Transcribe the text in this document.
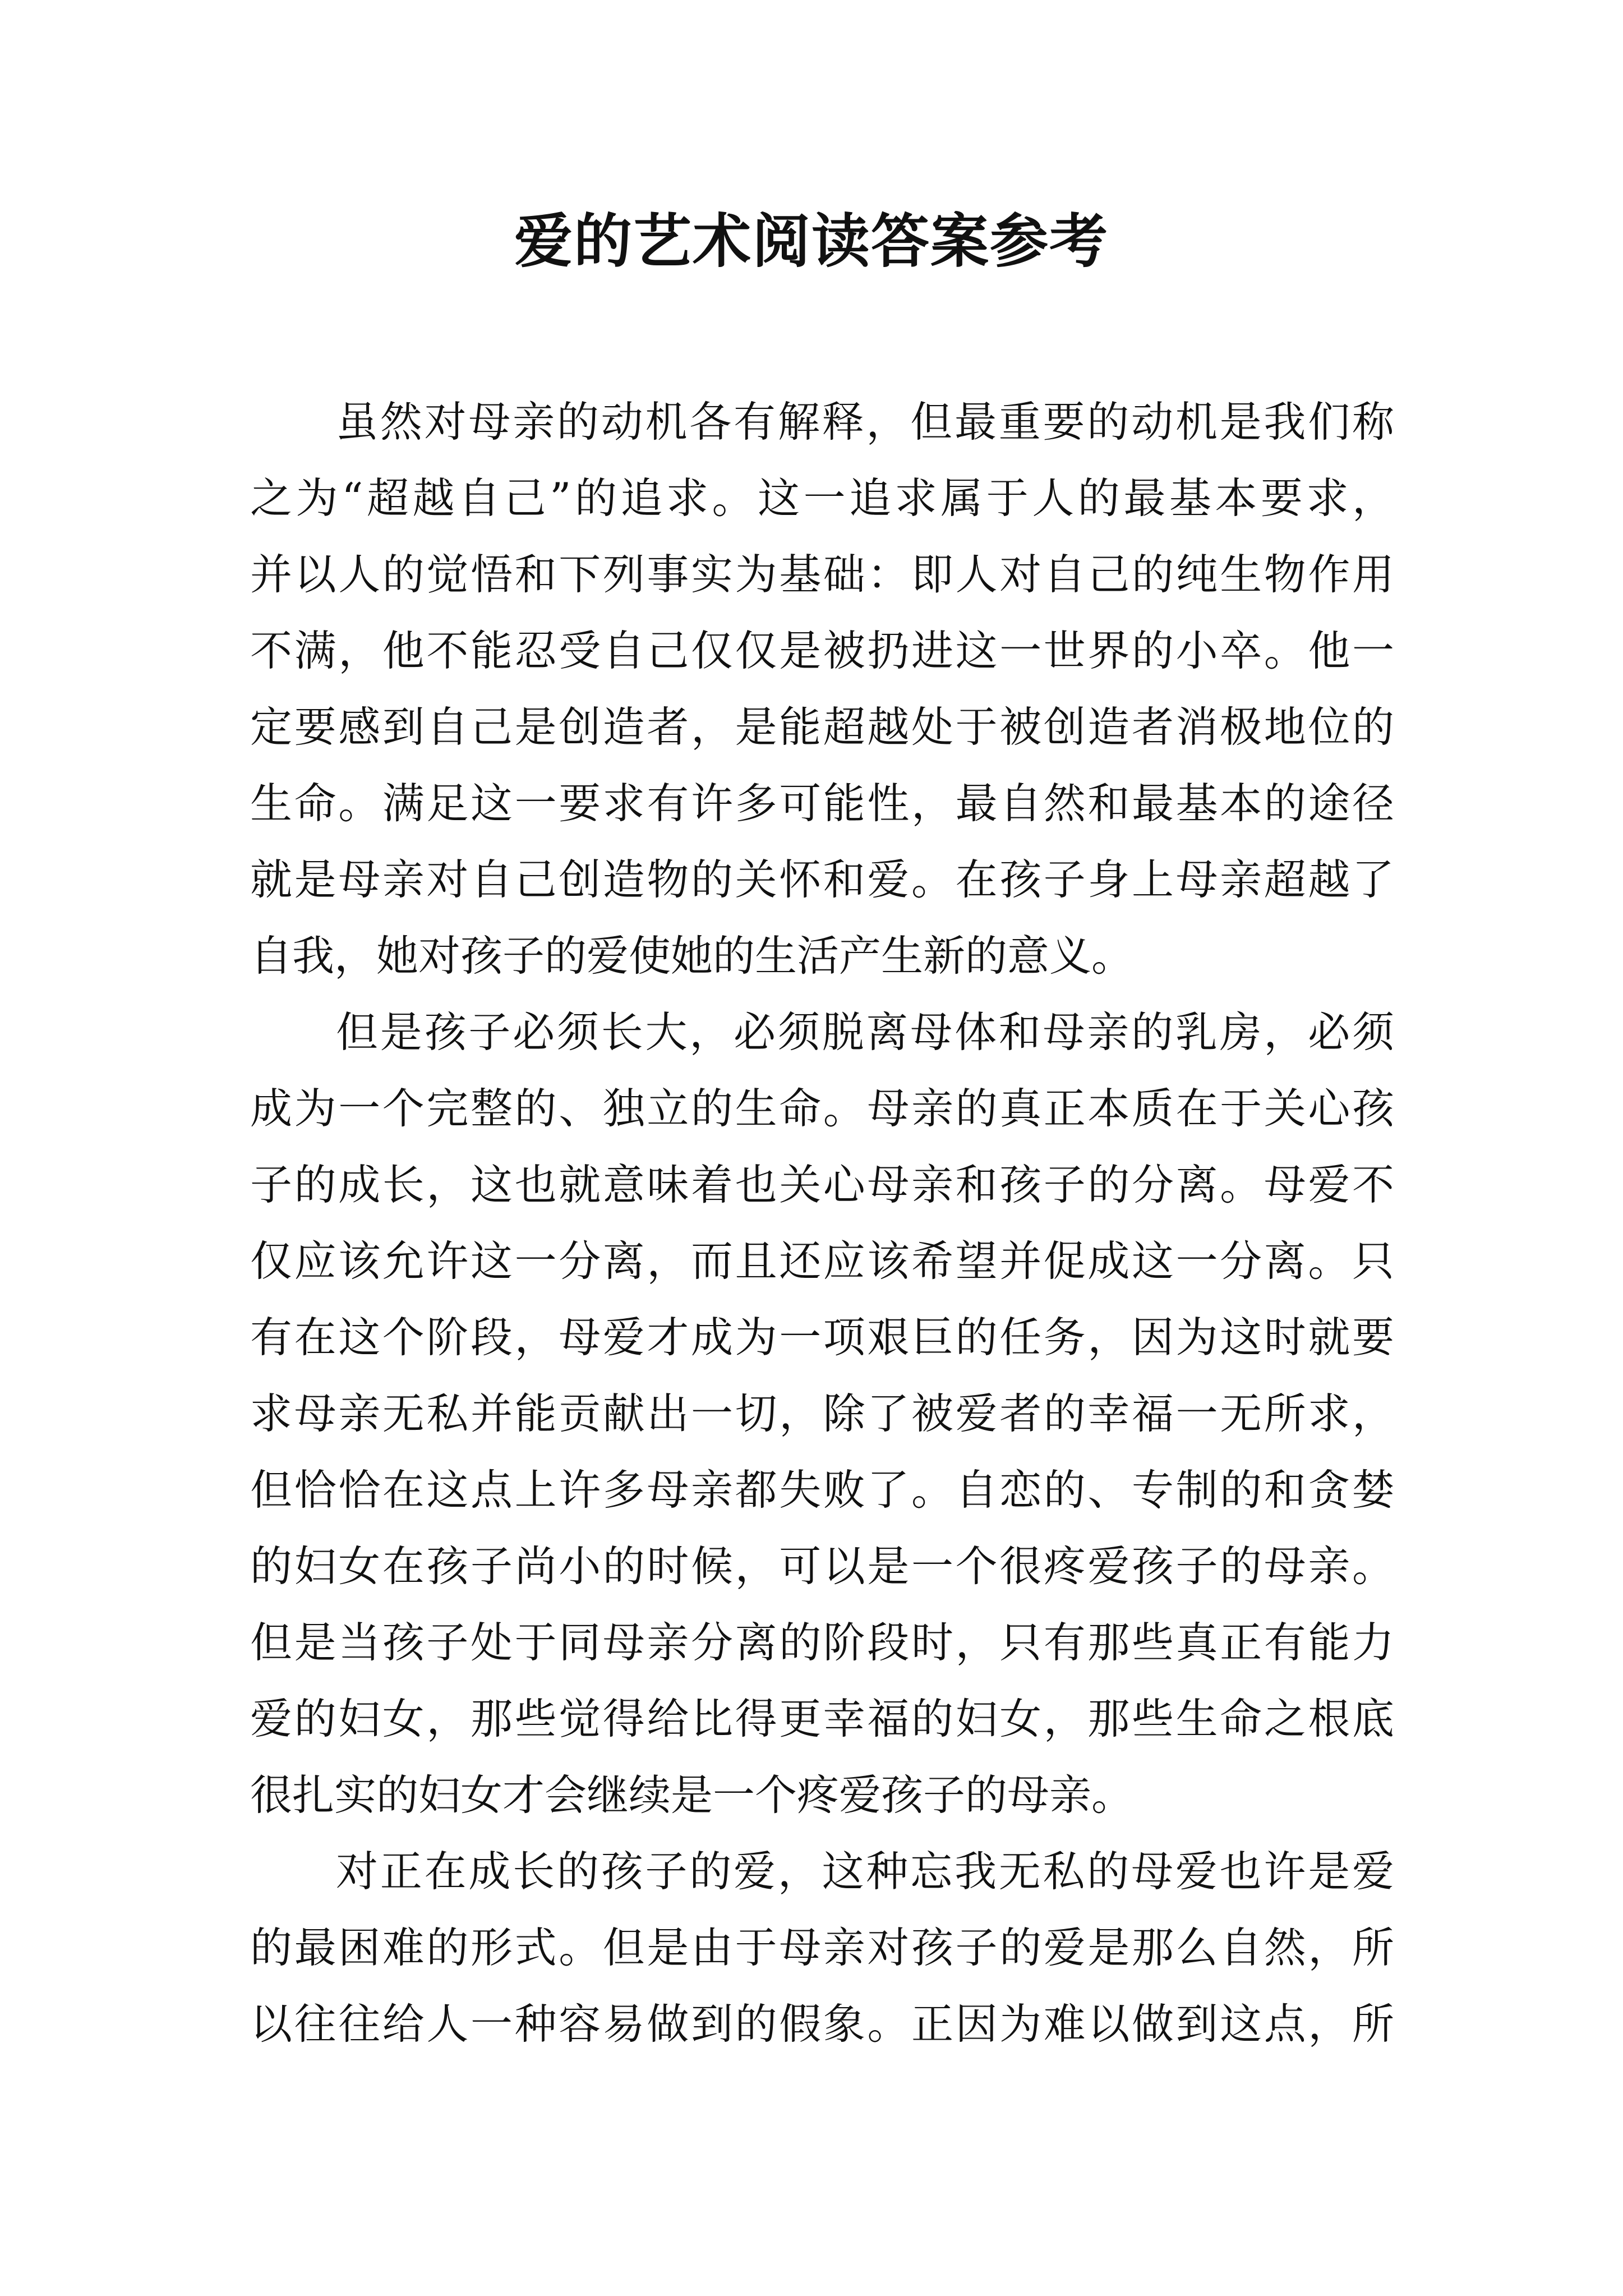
爱的艺术阅读答案参考

虽然对母亲的动机各有解释，但最重要的动机是我们称

之为“超越自己”的追求。这一追求属于人的最基本要求，

并以人的觉悟和下列事实为基础：即人对自己的纯生物作用

不满，他不能忍受自己仅仅是被扔进这一世界的小卒。他一

定要感到自己是创造者，是能超越处于被创造者消极地位的

生命。满足这一要求有许多可能性，最自然和最基本的途径

就是母亲对自己创造物的关怀和爱。在孩子身上母亲超越了

自我，她对孩子的爱使她的生活产生新的意义。

但是孩子必须长大，必须脱离母体和母亲的乳房，必须

成为一个完整的、独立的生命。母亲的真正本质在于关心孩

子的成长，这也就意味着也关心母亲和孩子的分离。母爱不

仅应该允许这一分离，而且还应该希望并促成这一分离。只

有在这个阶段，母爱才成为一项艰巨的任务，因为这时就要

求母亲无私并能贡献出一切，除了被爱者的幸福一无所求，

但恰恰在这点上许多母亲都失败了。自恋的、专制的和贪婪

的妇女在孩子尚小的时候，可以是一个很疼爱孩子的母亲。

但是当孩子处于同母亲分离的阶段时，只有那些真正有能力

爱的妇女，那些觉得给比得更幸福的妇女，那些生命之根底

很扎实的妇女才会继续是一个疼爱孩子的母亲。

对正在成长的孩子的爱，这种忘我无私的母爱也许是爱

的最困难的形式。但是由于母亲对孩子的爱是那么自然，所

以往往给人一种容易做到的假象。正因为难以做到这点，所
